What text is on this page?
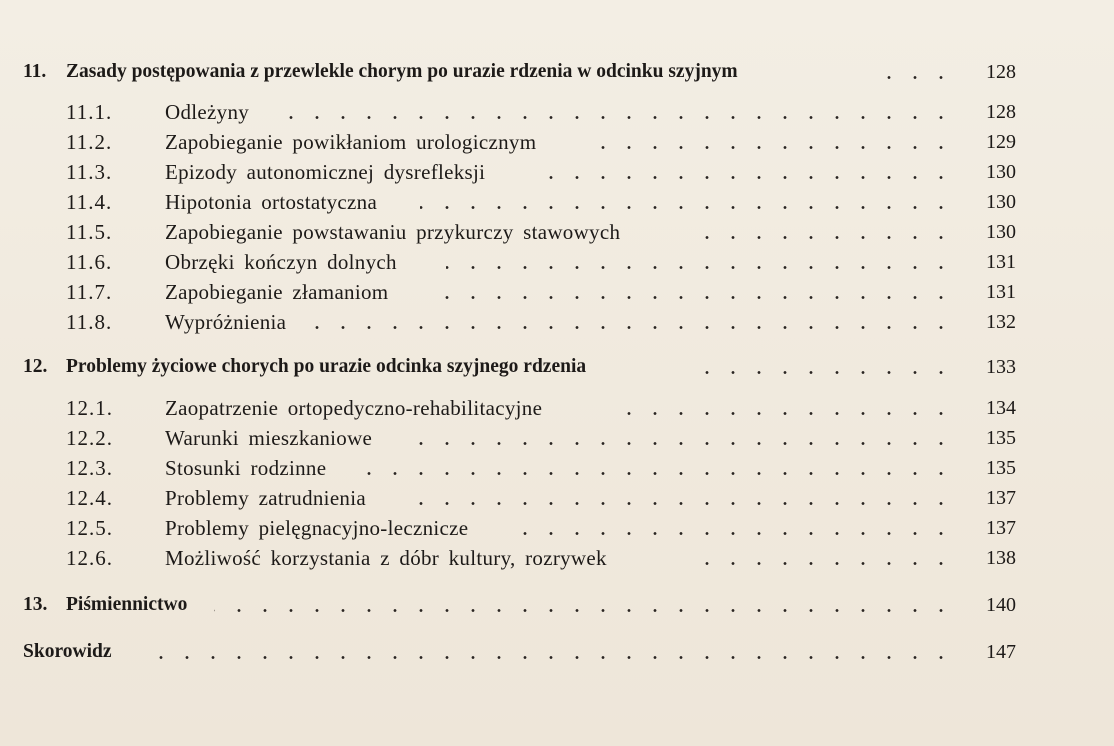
11. Zasady postępowania z przewlekle chorym po urazie rdzenia w odcinku szyjnym	128
11.1.	Odleżyny	128
11.2.	Zapobieganie powikłaniom urologicznym	129
11.3.	Epizody autonomicznej dysrefleksji	130
11.4.	Hipotonia ortostatyczna	130
11.5.	Zapobieganie powstawaniu przykurczy stawowych	130
11.6.	Obrzęki kończyn dolnych	131
11.7.	Zapobieganie złamaniom	131
11.8.	Wypróżnienia	132
12. Problemy życiowe chorych po urazie odcinka szyjnego rdzenia	133
12.1. Zaopatrzenie ortopedyczno-rehabilitacyjne	134
12.2. Warunki mieszkaniowe	135
12.3. Stosunki rodzinne	135
12.4. Problemy zatrudnienia	137
12.5. Problemy pielęgnacyjno-lecznicze	137
12.6. Możliwość korzystania z dóbr kultury, rozrywek	138
13. Piśmiennictwo	140
Skorowidz	147
